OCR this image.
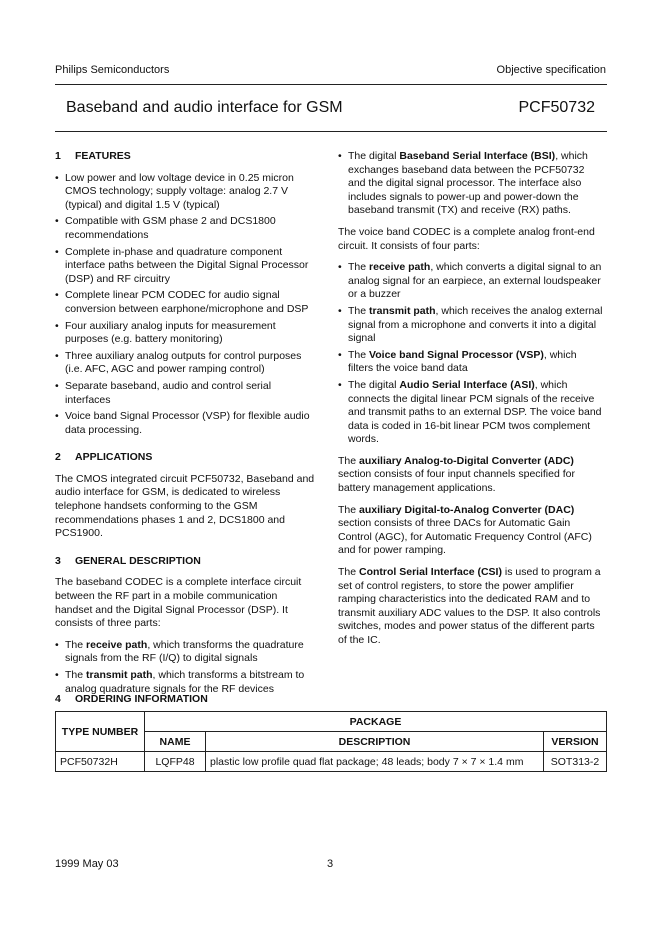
Philips Semiconductors	Objective specification
Baseband and audio interface for GSM	PCF50732
1 FEATURES
• Low power and low voltage device in 0.25 micron CMOS technology; supply voltage: analog 2.7 V (typical) and digital 1.5 V (typical)
• Compatible with GSM phase 2 and DCS1800 recommendations
• Complete in-phase and quadrature component interface paths between the Digital Signal Processor (DSP) and RF circuitry
• Complete linear PCM CODEC for audio signal conversion between earphone/microphone and DSP
• Four auxiliary analog inputs for measurement purposes (e.g. battery monitoring)
• Three auxiliary analog outputs for control purposes (i.e. AFC, AGC and power ramping control)
• Separate baseband, audio and control serial interfaces
• Voice band Signal Processor (VSP) for flexible audio data processing.
2 APPLICATIONS

The CMOS integrated circuit PCF50732, Baseband and audio interface for GSM, is dedicated to wireless telephone handsets conforming to the GSM recommendations phases 1 and 2, DCS1800 and PCS1900.

3 GENERAL DESCRIPTION

The baseband CODEC is a complete interface circuit between the RF part in a mobile communication handset and the Digital Signal Processor (DSP). It consists of three parts:

• The receive path, which transforms the quadrature signals from the RF (I/Q) to digital signals
• The transmit path, which transforms a bitstream to analog quadrature signals for the RF devices
• The digital Baseband Serial Interface (BSI), which exchanges baseband data between the PCF50732 and the digital signal processor. The interface also includes signals to power-up and power-down the baseband transmit (TX) and receive (RX) paths.

The voice band CODEC is a complete analog front-end circuit. It consists of four parts:

• The receive path, which converts a digital signal to an analog signal for an earpiece, an external loudspeaker or a buzzer
• The transmit path, which receives the analog external signal from a microphone and converts it into a digital signal
• The Voice band Signal Processor (VSP), which filters the voice band data
• The digital Audio Serial Interface (ASI), which connects the digital linear PCM signals of the receive and transmit paths to an external DSP. The voice band data is coded in 16-bit linear PCM twos complement words.

The auxiliary Analog-to-Digital Converter (ADC) section consists of four input channels specified for battery management applications.

The auxiliary Digital-to-Analog Converter (DAC) section consists of three DACs for Automatic Gain Control (AGC), for Automatic Frequency Control (AFC) and for power ramping.

The Control Serial Interface (CSI) is used to program a set of control registers, to store the power amplifier ramping characteristics into the dedicated RAM and to transmit auxiliary ADC values to the DSP. It also controls switches, modes and power status of the different parts of the IC.

4 ORDERING INFORMATION
TYPE NUMBER	PACKAGE		
	NAME	DESCRIPTION	VERSION
PCF50732H	LQFP48	plastic low profile quad flat package; 48 leads; body 7 × 7 × 1.4 mm	SOT313-2
1999 May 03	3
